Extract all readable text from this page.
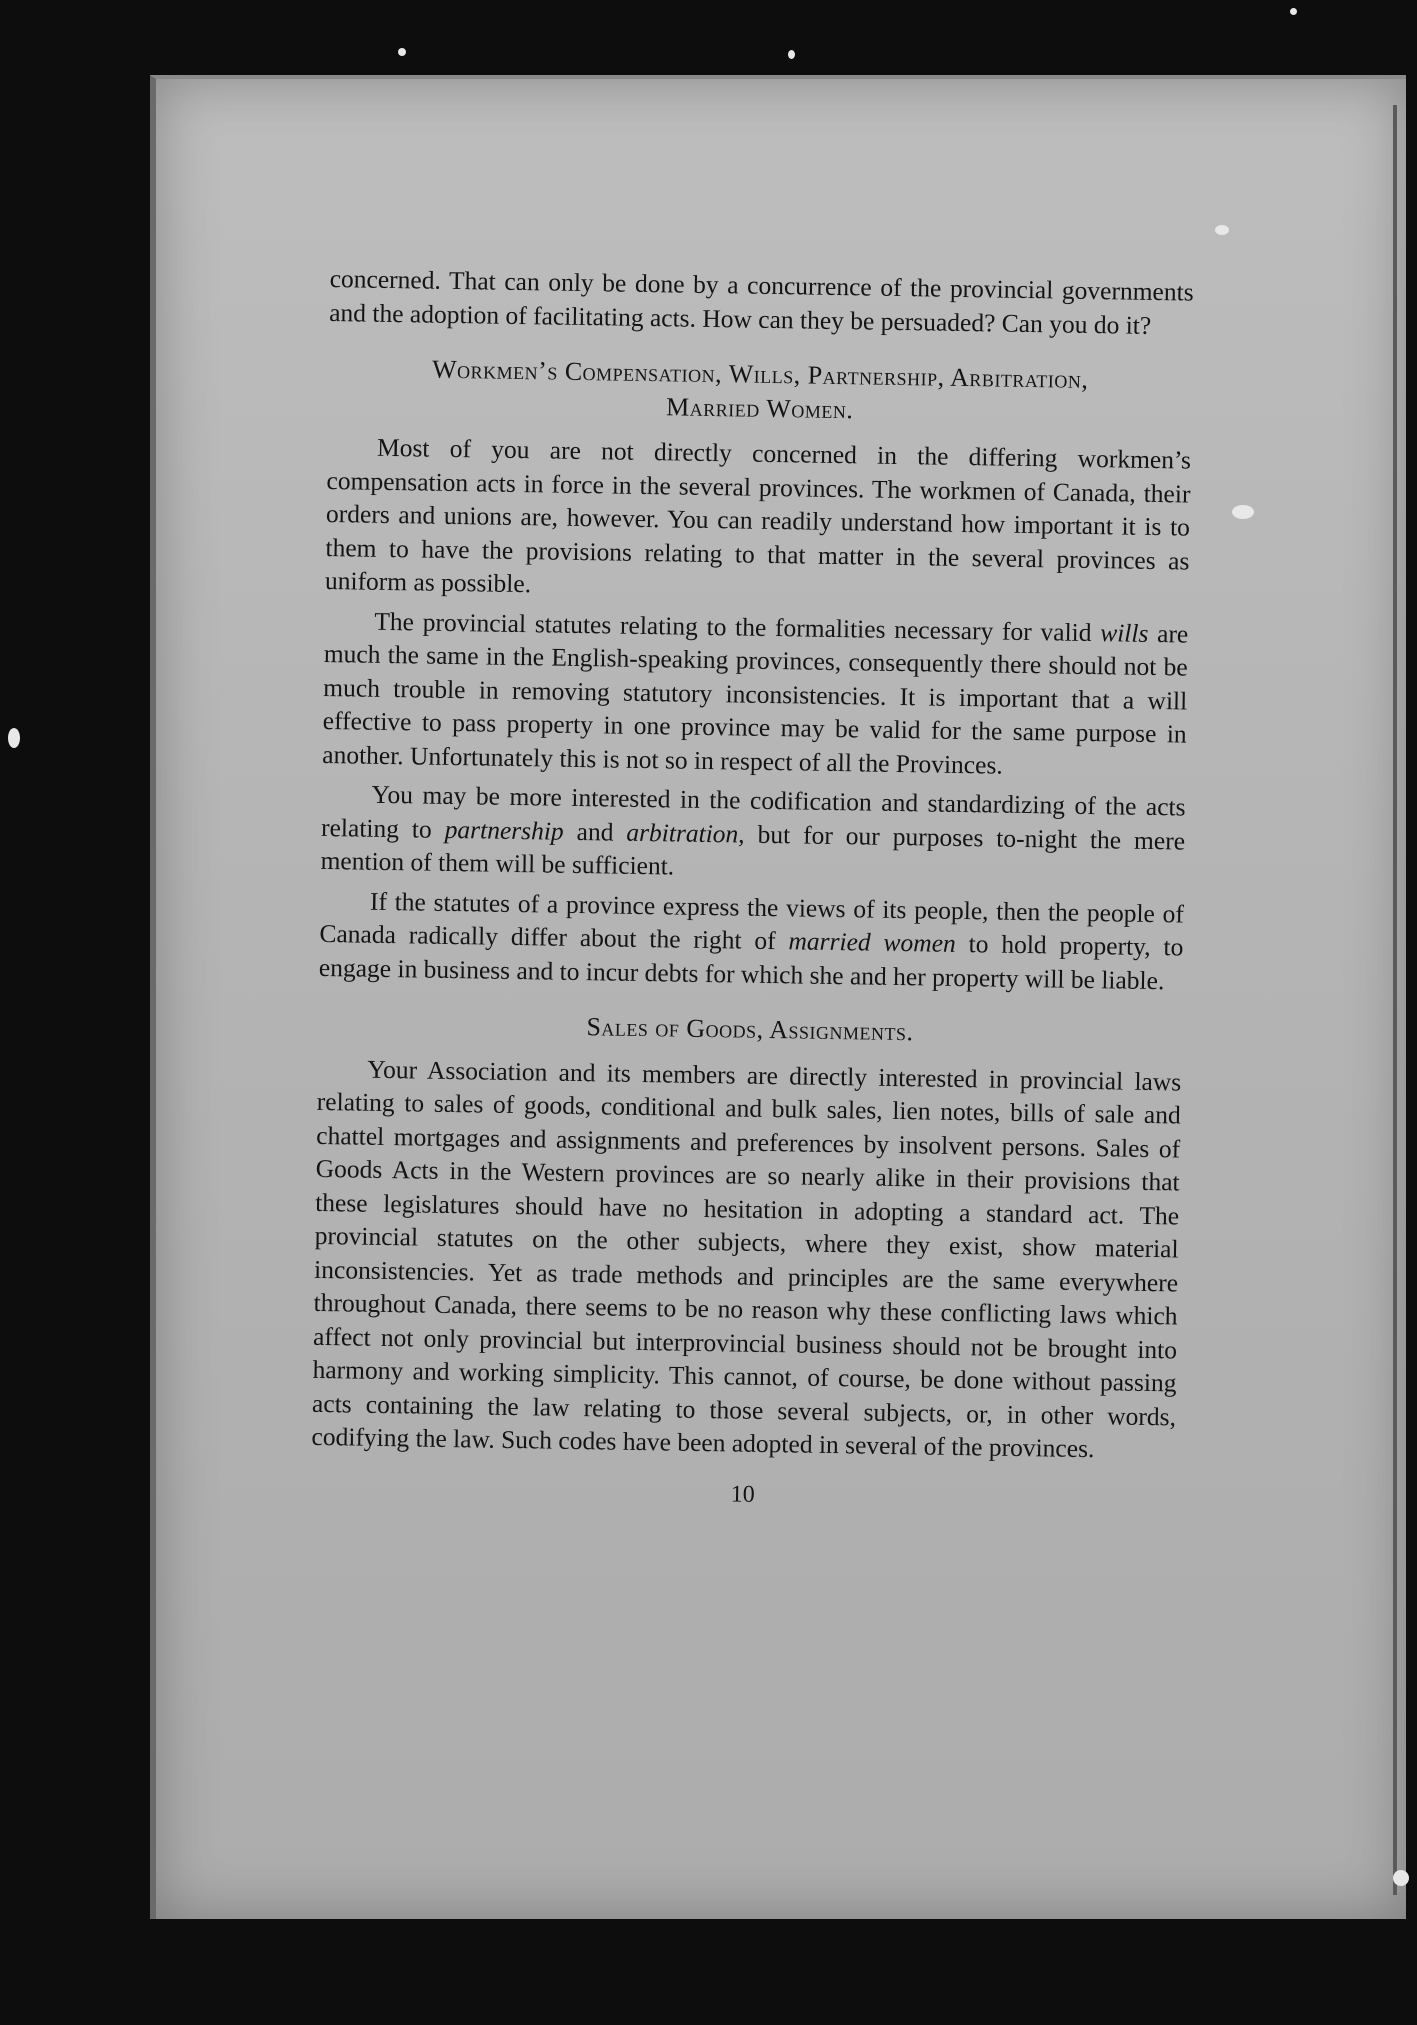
concerned. That can only be done by a concurrence of the provincial governments and the adoption of facilitating acts. How can they be persuaded? Can you do it?

Workmen’s Compensation, Wills, Partnership, Arbitration,
Married Women.

Most of you are not directly concerned in the differing workmen’s compensation acts in force in the several provinces. The workmen of Canada, their orders and unions are, however. You can readily understand how important it is to them to have the provisions relating to that matter in the several provinces as uniform as possible.

The provincial statutes relating to the formalities necessary for valid wills are much the same in the English-speaking provinces, consequently there should not be much trouble in removing statutory inconsistencies. It is important that a will effective to pass property in one province may be valid for the same purpose in another. Unfortunately this is not so in respect of all the Provinces.

You may be more interested in the codification and standardizing of the acts relating to partnership and arbitration, but for our purposes to-night the mere mention of them will be sufficient.

If the statutes of a province express the views of its people, then the people of Canada radically differ about the right of married women to hold property, to engage in business and to incur debts for which she and her property will be liable.

Sales of Goods, Assignments.

Your Association and its members are directly interested in provincial laws relating to sales of goods, conditional and bulk sales, lien notes, bills of sale and chattel mortgages and assignments and preferences by insolvent persons. Sales of Goods Acts in the Western provinces are so nearly alike in their provisions that these legislatures should have no hesitation in adopting a standard act. The provincial statutes on the other subjects, where they exist, show material inconsistencies. Yet as trade methods and principles are the same everywhere throughout Canada, there seems to be no reason why these conflicting laws which affect not only provincial but interprovincial business should not be brought into harmony and working simplicity. This cannot, of course, be done without passing acts containing the law relating to those several subjects, or, in other words, codifying the law. Such codes have been adopted in several of the provinces.

10
